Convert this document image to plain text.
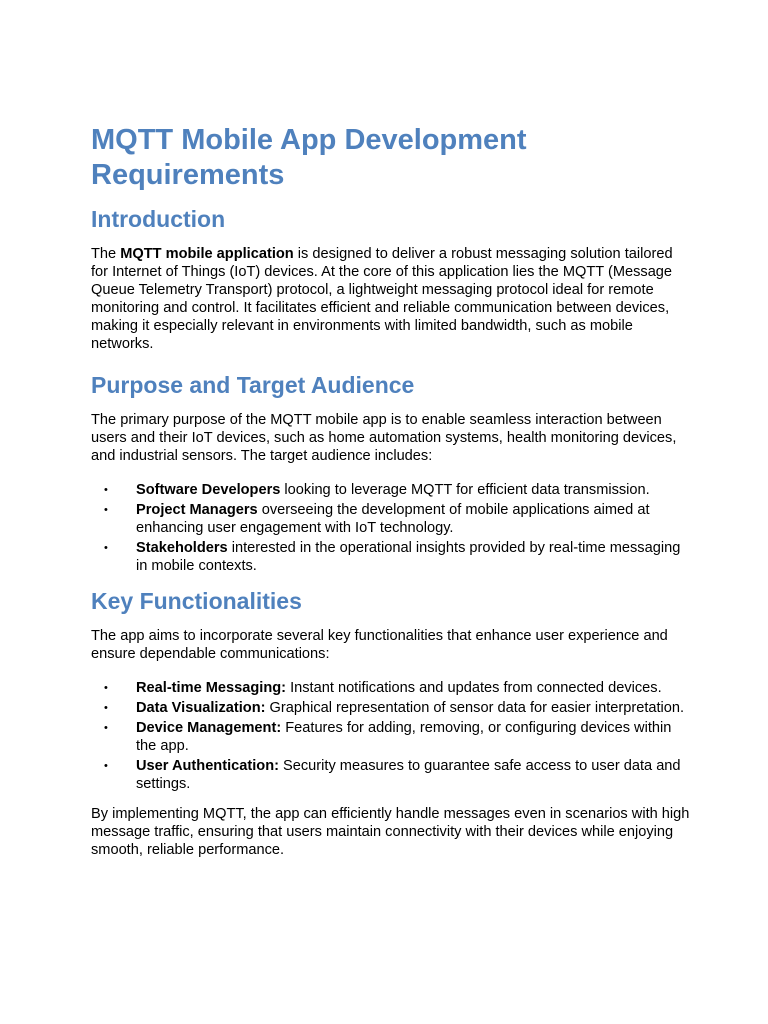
MQTT Mobile App Development Requirements
Introduction

The MQTT mobile application is designed to deliver a robust messaging solution tailored for Internet of Things (IoT) devices. At the core of this application lies the MQTT (Message Queue Telemetry Transport) protocol, a lightweight messaging protocol ideal for remote monitoring and control. It facilitates efficient and reliable communication between devices, making it especially relevant in environments with limited bandwidth, such as mobile networks.

Purpose and Target Audience

The primary purpose of the MQTT mobile app is to enable seamless interaction between users and their IoT devices, such as home automation systems, health monitoring devices, and industrial sensors. The target audience includes:

• Software Developers looking to leverage MQTT for efficient data transmission.
• Project Managers overseeing the development of mobile applications aimed at enhancing user engagement with IoT technology.
• Stakeholders interested in the operational insights provided by real-time messaging in mobile contexts.
Key Functionalities

The app aims to incorporate several key functionalities that enhance user experience and ensure dependable communications:

• Real-time Messaging: Instant notifications and updates from connected devices.
• Data Visualization: Graphical representation of sensor data for easier interpretation.
• Device Management: Features for adding, removing, or configuring devices within the app.
• User Authentication: Security measures to guarantee safe access to user data and settings.

By implementing MQTT, the app can efficiently handle messages even in scenarios with high message traffic, ensuring that users maintain connectivity with their devices while enjoying smooth, reliable performance.
